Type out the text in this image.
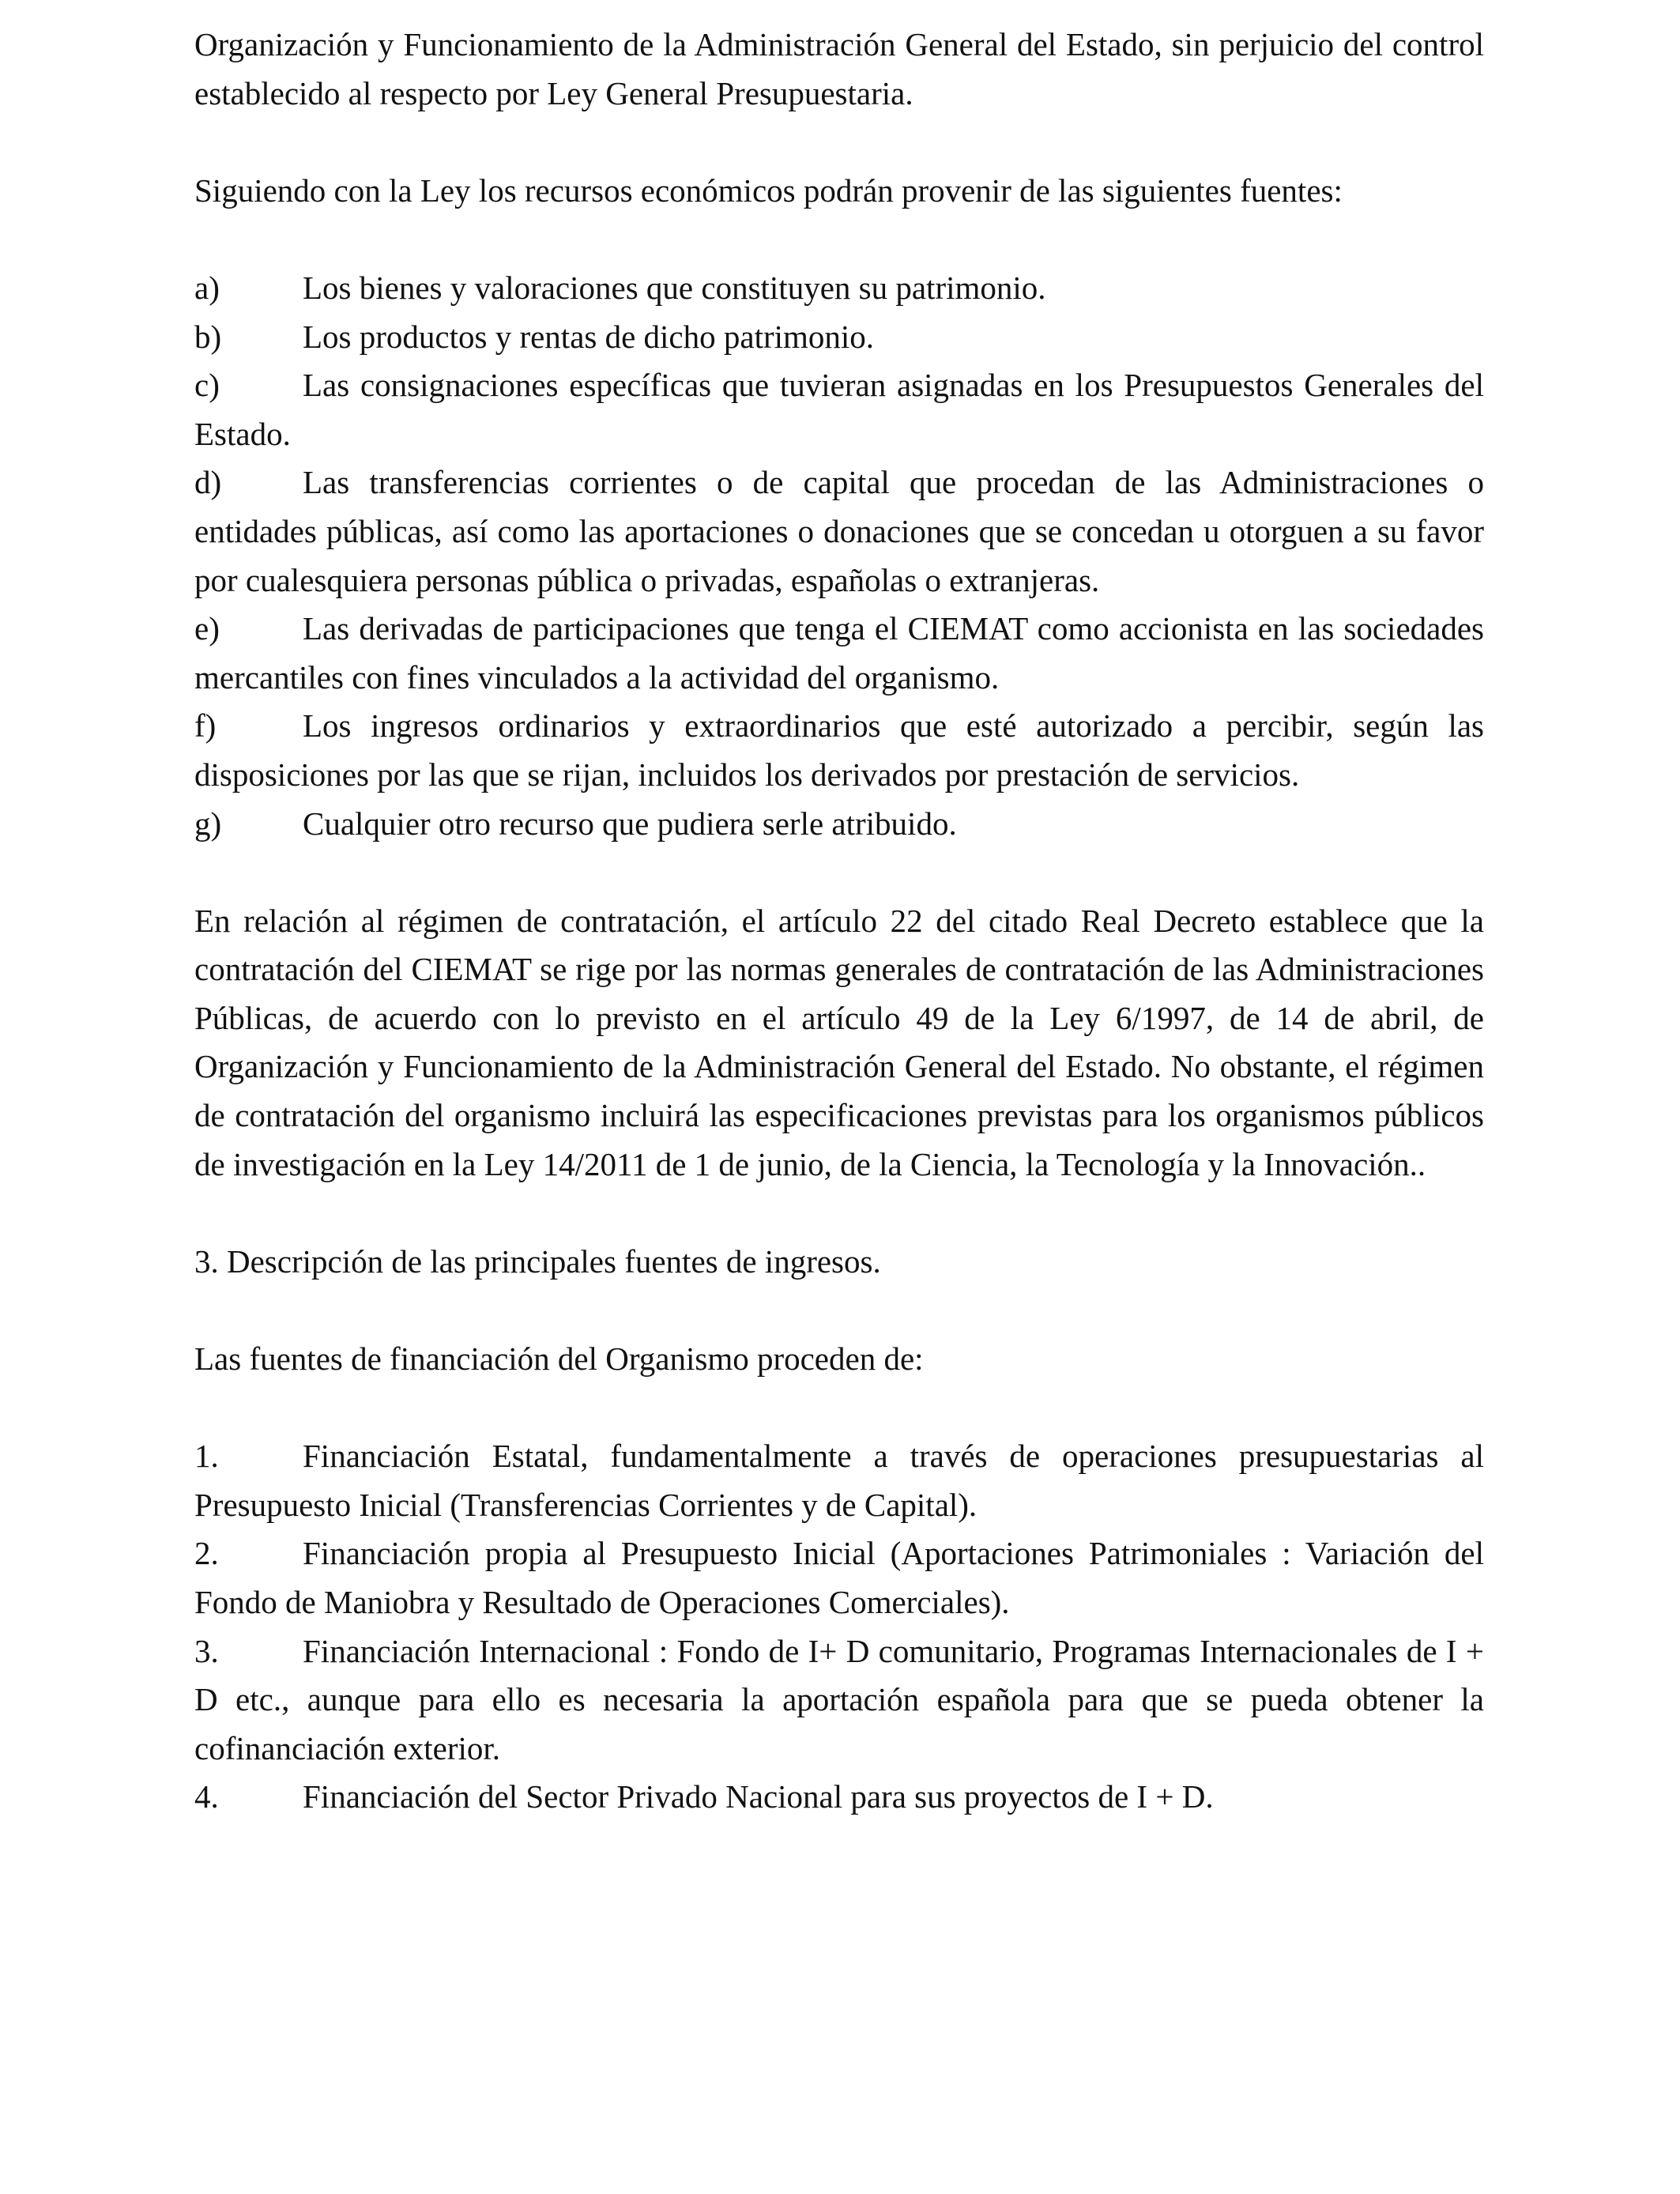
Organización y Funcionamiento de la Administración General del Estado, sin perjuicio del control establecido al respecto por Ley General Presupuestaria.

Siguiendo con la Ley los recursos económicos podrán provenir de las siguientes fuentes:

a)	Los bienes y valoraciones que constituyen su patrimonio.

b)	Los productos y rentas de dicho patrimonio.

c)	Las consignaciones específicas que tuvieran asignadas en los Presupuestos Generales del Estado.

d)	Las transferencias corrientes o de capital que procedan de las Administraciones o entidades públicas, así como las aportaciones o donaciones que se concedan u otorguen a su favor por cualesquiera personas pública o privadas, españolas o extranjeras.

e)	Las derivadas de participaciones que tenga el CIEMAT como accionista en las sociedades mercantiles con fines vinculados a la actividad del organismo.

f)	Los ingresos ordinarios y extraordinarios que esté autorizado a percibir, según las disposiciones por las que se rijan, incluidos los derivados por prestación de servicios.

g)	Cualquier otro recurso que pudiera serle atribuido.

En relación al régimen de contratación, el artículo 22 del citado Real Decreto establece que la contratación del CIEMAT se rige por las normas generales de contratación de las Administraciones Públicas, de acuerdo con lo previsto en el artículo 49 de la Ley 6/1997, de 14 de abril, de Organización y Funcionamiento de la Administración General del Estado. No obstante, el régimen de contratación del organismo incluirá las especificaciones previstas para los organismos públicos de investigación en la Ley 14/2011 de 1 de junio, de la Ciencia, la Tecnología y la Innovación..

3. Descripción de las principales fuentes de ingresos.

Las fuentes de financiación del Organismo proceden de:

1.	Financiación Estatal, fundamentalmente a través de operaciones presupuestarias al Presupuesto Inicial (Transferencias Corrientes y de Capital).

2.	Financiación propia al Presupuesto Inicial (Aportaciones Patrimoniales : Variación del Fondo de Maniobra y Resultado de Operaciones Comerciales).

3.	Financiación Internacional : Fondo de I+ D comunitario, Programas Internacionales de I + D etc., aunque para ello es necesaria la aportación española para que se pueda obtener la cofinanciación exterior.

4.	Financiación del Sector Privado Nacional para sus proyectos de I + D.
